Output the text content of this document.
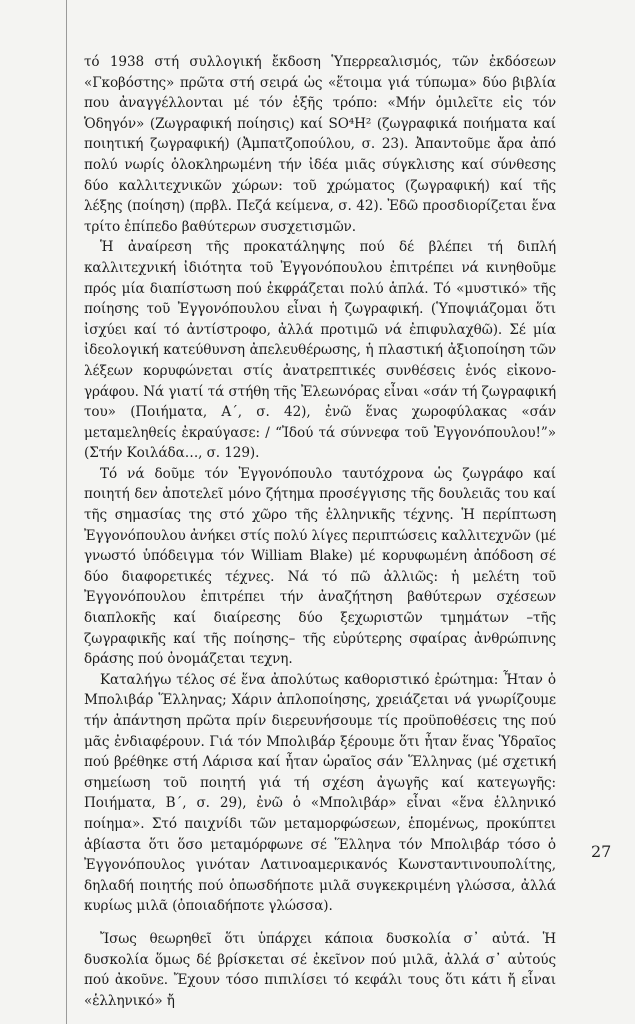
τό 1938 στή συλλογική ἔκδοση Ὑπερρεαλισμός, τῶν ἐκδόσεων «Γκοβόστης» πρῶτα στή σειρά ὡς «ἕτοιμα γιά τύπωμα» δύο βιβλία που ἀναγγέλλονται μέ τόν ἑξῆς τρόπο: «Μήν ὁμιλεῖτε εἰς τόν Ὁδηγόν» (Ζωγραφική ποίησις) καί SO⁴H² (ζωγραφικά ποιήματα καί ποιητική ζωγραφική) (Ἀμπατζοπούλου, σ. 23). Ἀπαντοῦμε ἄρα ἀπό πολύ νωρίς ὁλοκληρωμένη τήν ἰδέα μιᾶς σύγκλισης καί σύνθεσης δύο καλλιτεχνικῶν χώρων: τοῦ χρώματος (ζωγραφική) καί τῆς λέξης (ποίηση) (πρβλ. Πεζά κείμενα, σ. 42). Ἐδῶ προσδιορίζεται ἕνα τρίτο ἐπίπεδο βαθύτερων συσχετισμῶν.

Ἡ ἀναίρεση τῆς προκατάληψης πού δέ βλέπει τή διπλή καλλιτεχνική ἰδιότητα τοῦ Ἐγγονόπουλου ἐπιτρέπει νά κινηθοῦμε πρός μία διαπίστωση πού ἐκφράζεται πολύ ἁπλά. Τό «μυστικό» τῆς ποίησης τοῦ Ἐγγονόπουλου εἶναι ἡ ζωγραφική. (Ὑποψιάζομαι ὅτι ἰσχύει καί τό ἀντίστροφο, ἀλλά προτιμῶ νά ἐπιφυλαχθῶ). Σέ μία ἰδεολογική κατεύθυνση ἀπελευθέρωσης, ἡ πλαστική ἀξιοποίηση τῶν λέξεων κορυφώνεται στίς ἀνατρεπτικές συνθέσεις ἑνός εἰκονο-γράφου. Νά γιατί τά στήθη τῆς Ἐλεωνόρας εἶναι «σάν τή ζωγραφική του» (Ποιήματα, Α΄, σ. 42), ἐνῶ ἕνας χωροφύλακας «σάν μεταμεληθείς ἐκραύγασε: / “Ἰδού τά σύννεφα τοῦ Ἐγγονόπουλου!”» (Στήν Κοιλάδα…, σ. 129).

Τό νά δοῦμε τόν Ἐγγονόπουλο ταυτόχρονα ὡς ζωγράφο καί ποιητή δεν ἀποτελεῖ μόνο ζήτημα προσέγγισης τῆς δουλειᾶς του καί τῆς σημασίας της στό χῶρο τῆς ἑλληνικῆς τέχνης. Ἡ περίπτωση Ἐγγονόπουλου ἀνήκει στίς πολύ λίγες περιπτώσεις καλλιτεχνῶν (μέ γνωστό ὑπόδειγμα τόν William Blake) μέ κορυφωμένη ἀπόδοση σέ δύο διαφορετικές τέχνες. Νά τό πῶ ἀλλιῶς: ἡ μελέτη τοῦ Ἐγγονόπουλου ἐπιτρέπει τήν ἀναζήτηση βαθύτερων σχέσεων διαπλοκῆς καί διαίρεσης δύο ξεχωριστῶν τμημάτων –τῆς ζωγραφικῆς καί τῆς ποίησης– τῆς εὐρύτερης σφαίρας ἀνθρώπινης δράσης πού ὀνομάζεται τεχνη.

Καταλήγω τέλος σέ ἕνα ἀπολύτως καθοριστικό ἐρώτημα: Ἦταν ὁ Μπολιβάρ Ἕλληνας; Χάριν ἁπλοποίησης, χρειάζεται νά γνωρίζουμε τήν ἀπάντηση πρῶτα πρίν διερευνήσουμε τίς προϋποθέσεις της πού μᾶς ἐνδιαφέρουν. Γιά τόν Μπολιβάρ ξέρουμε ὅτι ἦταν ἕνας Ὑδραῖος πού βρέθηκε στή Λάρισα καί ἦταν ὡραῖος σάν Ἕλληνας (μέ σχετική σημείωση τοῦ ποιητή γιά τή σχέση ἀγωγῆς καί κατεγωγῆς: Ποιήματα, Β΄, σ. 29), ἐνῶ ὁ «Μπολιβάρ» εἶναι «ἕνα ἑλληνικό ποίημα». Στό παιχνίδι τῶν μεταμορφώσεων, ἑπομένως, προκύπτει ἀβίαστα ὅτι ὅσο μεταμόρφωνε σέ Ἕλληνα τόν Μπολιβάρ τόσο ὁ Ἐγγονόπουλος γινόταν Λατινοαμερικανός Κωνσταντινουπολίτης, δηλαδή ποιητής πού ὁπωσδήποτε μιλᾶ συγκεκριμένη γλώσσα, ἀλλά κυρίως μιλᾶ (ὁποιαδήποτε γλώσσα).

Ἴσως θεωρηθεῖ ὅτι ὑπάρχει κάποια δυσκολία σ᾽ αὐτά. Ἡ δυσκολία ὅμως δέ βρίσκεται σέ ἐκεῖνον πού μιλᾶ, ἀλλά σ᾽ αὐτούς πού ἀκοῦνε. Ἔχουν τόσο πιπιλίσει τό κεφάλι τους ὅτι κάτι ἤ εἶναι «ἑλληνικό» ἤ

27
